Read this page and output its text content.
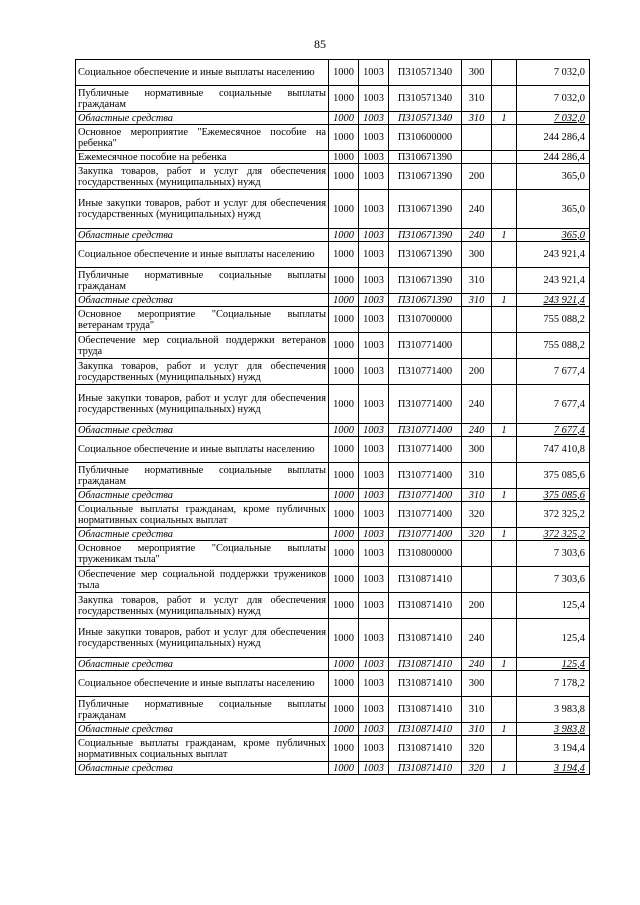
85
Социальное обеспечение и иные выплаты населению	1000	1003	П310571340	300		7 032,0
Публичные нормативные социальные выплаты гражданам	1000	1003	П310571340	310		7 032,0
Областные средства	1000	1003	П310571340	310	1	7 032,0
Основное мероприятие "Ежемесячное пособие на ребенка"	1000	1003	П310600000			244 286,4
Ежемесячное пособие на ребенка	1000	1003	П310671390			244 286,4
Закупка товаров, работ и услуг для обеспечения государственных (муниципальных) нужд	1000	1003	П310671390	200		365,0
Иные закупки товаров, работ и услуг для обеспечения государственных (муниципальных) нужд	1000	1003	П310671390	240		365,0
Областные средства	1000	1003	П310671390	240	1	365,0
Социальное обеспечение и иные выплаты населению	1000	1003	П310671390	300		243 921,4
Публичные нормативные социальные выплаты гражданам	1000	1003	П310671390	310		243 921,4
Областные средства	1000	1003	П310671390	310	1	243 921,4
Основное мероприятие "Социальные выплаты ветеранам труда"	1000	1003	П310700000			755 088,2
Обеспечение мер социальной поддержки ветеранов труда	1000	1003	П310771400			755 088,2
Закупка товаров, работ и услуг для обеспечения государственных (муниципальных) нужд	1000	1003	П310771400	200		7 677,4
Иные закупки товаров, работ и услуг для обеспечения государственных (муниципальных) нужд	1000	1003	П310771400	240		7 677,4
Областные средства	1000	1003	П310771400	240	1	7 677,4
Социальное обеспечение и иные выплаты населению	1000	1003	П310771400	300		747 410,8
Публичные нормативные социальные выплаты гражданам	1000	1003	П310771400	310		375 085,6
Областные средства	1000	1003	П310771400	310	1	375 085,6
Социальные выплаты гражданам, кроме публичных нормативных социальных выплат	1000	1003	П310771400	320		372 325,2
Областные средства	1000	1003	П310771400	320	1	372 325,2
Основное мероприятие "Социальные выплаты труженикам тыла"	1000	1003	П310800000			7 303,6
Обеспечение мер социальной поддержки тружеников тыла	1000	1003	П310871410			7 303,6
Закупка товаров, работ и услуг для обеспечения государственных (муниципальных) нужд	1000	1003	П310871410	200		125,4
Иные закупки товаров, работ и услуг для обеспечения государственных (муниципальных) нужд	1000	1003	П310871410	240		125,4
Областные средства	1000	1003	П310871410	240	1	125,4
Социальное обеспечение и иные выплаты населению	1000	1003	П310871410	300		7 178,2
Публичные нормативные социальные выплаты гражданам	1000	1003	П310871410	310		3 983,8
Областные средства	1000	1003	П310871410	310	1	3 983,8
Социальные выплаты гражданам, кроме публичных нормативных социальных выплат	1000	1003	П310871410	320		3 194,4
Областные средства	1000	1003	П310871410	320	1	3 194,4
